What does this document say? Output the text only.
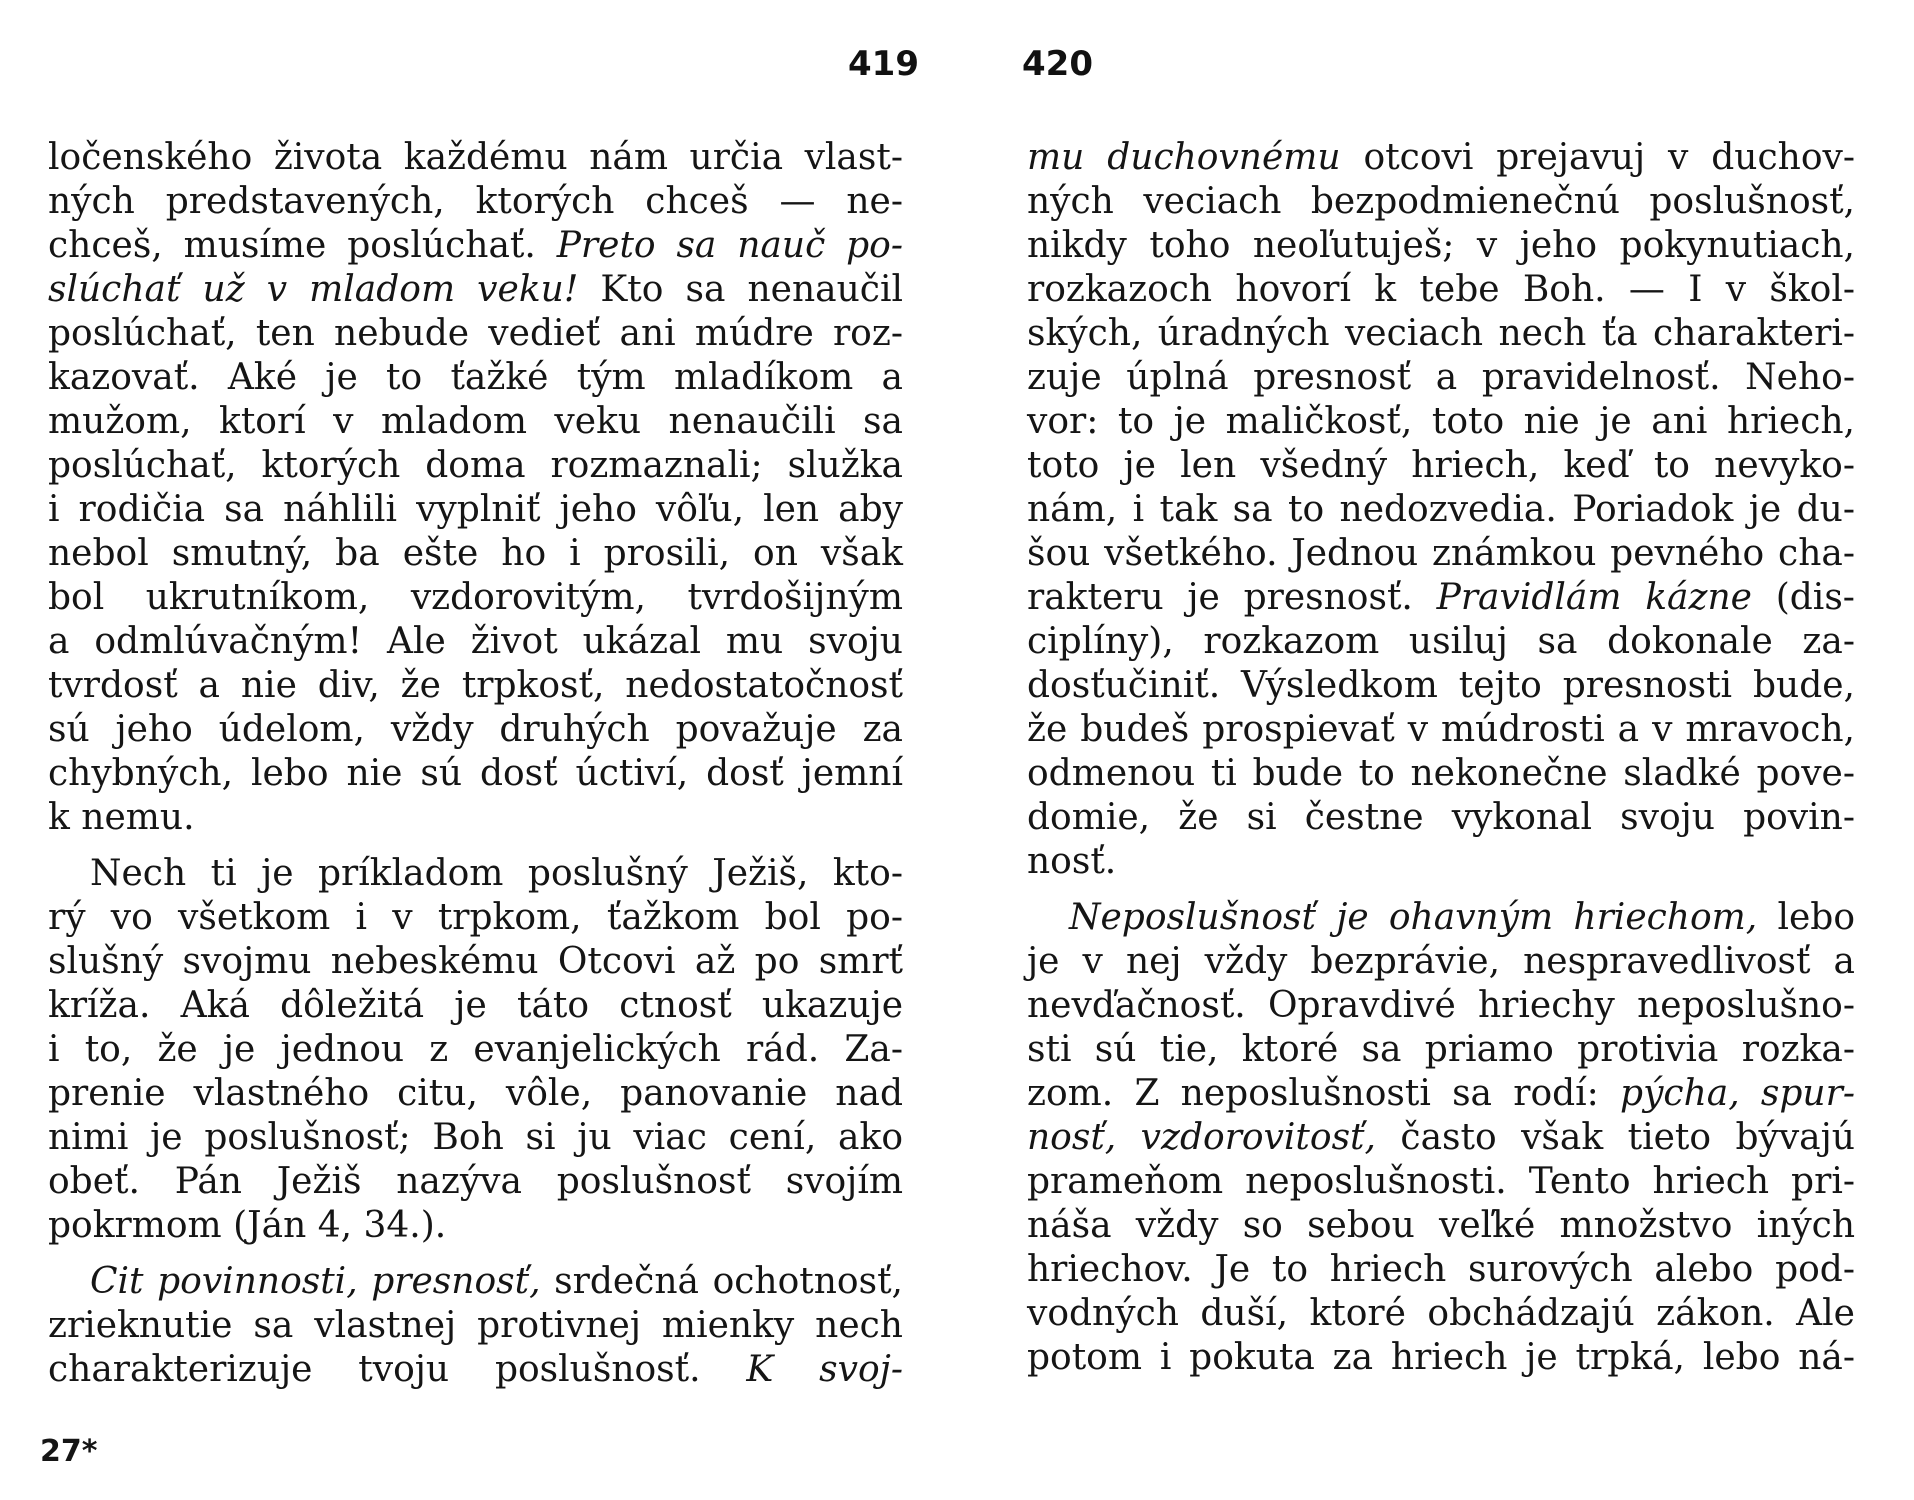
419
ločenského života každému nám určia vlast-
ných predstavených, ktorých chceš — ne-
chceš, musíme poslúchať. Preto sa nauč po-
slúchať už v mladom veku! Kto sa nenaučil
poslúchať, ten nebude vedieť ani múdre roz-
kazovať. Aké je to ťažké tým mladíkom a
mužom, ktorí v mladom veku nenaučili sa
poslúchať, ktorých doma rozmaznali; služka
i rodičia sa náhlili vyplniť jeho vôľu, len aby
nebol smutný, ba ešte ho i prosili, on však
bol ukrutníkom, vzdorovitým, tvrdošijným
a odmlúvačným! Ale život ukázal mu svoju
tvrdosť a nie div, že trpkosť, nedostatočnosť
sú jeho údelom, vždy druhých považuje za
chybných, lebo nie sú dosť úctiví, dosť jemní
k nemu.
Nech ti je príkladom poslušný Ježiš, kto-
rý vo všetkom i v trpkom, ťažkom bol po-
slušný svojmu nebeskému Otcovi až po smrť
kríža. Aká dôležitá je táto ctnosť ukazuje
i to, že je jednou z evanjelických rád. Za-
prenie vlastného citu, vôle, panovanie nad
nimi je poslušnosť; Boh si ju viac cení, ako
obeť. Pán Ježiš nazýva poslušnosť svojím
pokrmom (Ján 4, 34.).
Cit povinnosti, presnosť, srdečná ochotnosť,
zrieknutie sa vlastnej protivnej mienky nech
charakterizuje tvoju poslušnosť. K svoj-
27*
420
mu duchovnému otcovi prejavuj v duchov-
ných veciach bezpodmienečnú poslušnosť,
nikdy toho neoľutuješ; v jeho pokynutiach,
rozkazoch hovorí k tebe Boh. — I v škol-
ských, úradných veciach nech ťa charakteri-
zuje úplná presnosť a pravidelnosť. Neho-
vor: to je maličkosť, toto nie je ani hriech,
toto je len všedný hriech, keď to nevyko-
nám, i tak sa to nedozvedia. Poriadok je du-
šou všetkého. Jednou známkou pevného cha-
rakteru je presnosť. Pravidlám kázne (dis-
ciplíny), rozkazom usiluj sa dokonale za-
dosťučiniť. Výsledkom tejto presnosti bude,
že budeš prospievať v múdrosti a v mravoch,
odmenou ti bude to nekonečne sladké pove-
domie, že si čestne vykonal svoju povin-
nosť.
Neposlušnosť je ohavným hriechom, lebo
je v nej vždy bezprávie, nespravedlivosť a
nevďačnosť. Opravdivé hriechy neposlušno-
sti sú tie, ktoré sa priamo protivia rozka-
zom. Z neposlušnosti sa rodí: pýcha, spur-
nosť, vzdorovitosť, často však tieto bývajú
prameňom neposlušnosti. Tento hriech pri-
náša vždy so sebou veľké množstvo iných
hriechov. Je to hriech surových alebo pod-
vodných duší, ktoré obchádzajú zákon. Ale
potom i pokuta za hriech je trpká, lebo ná-
